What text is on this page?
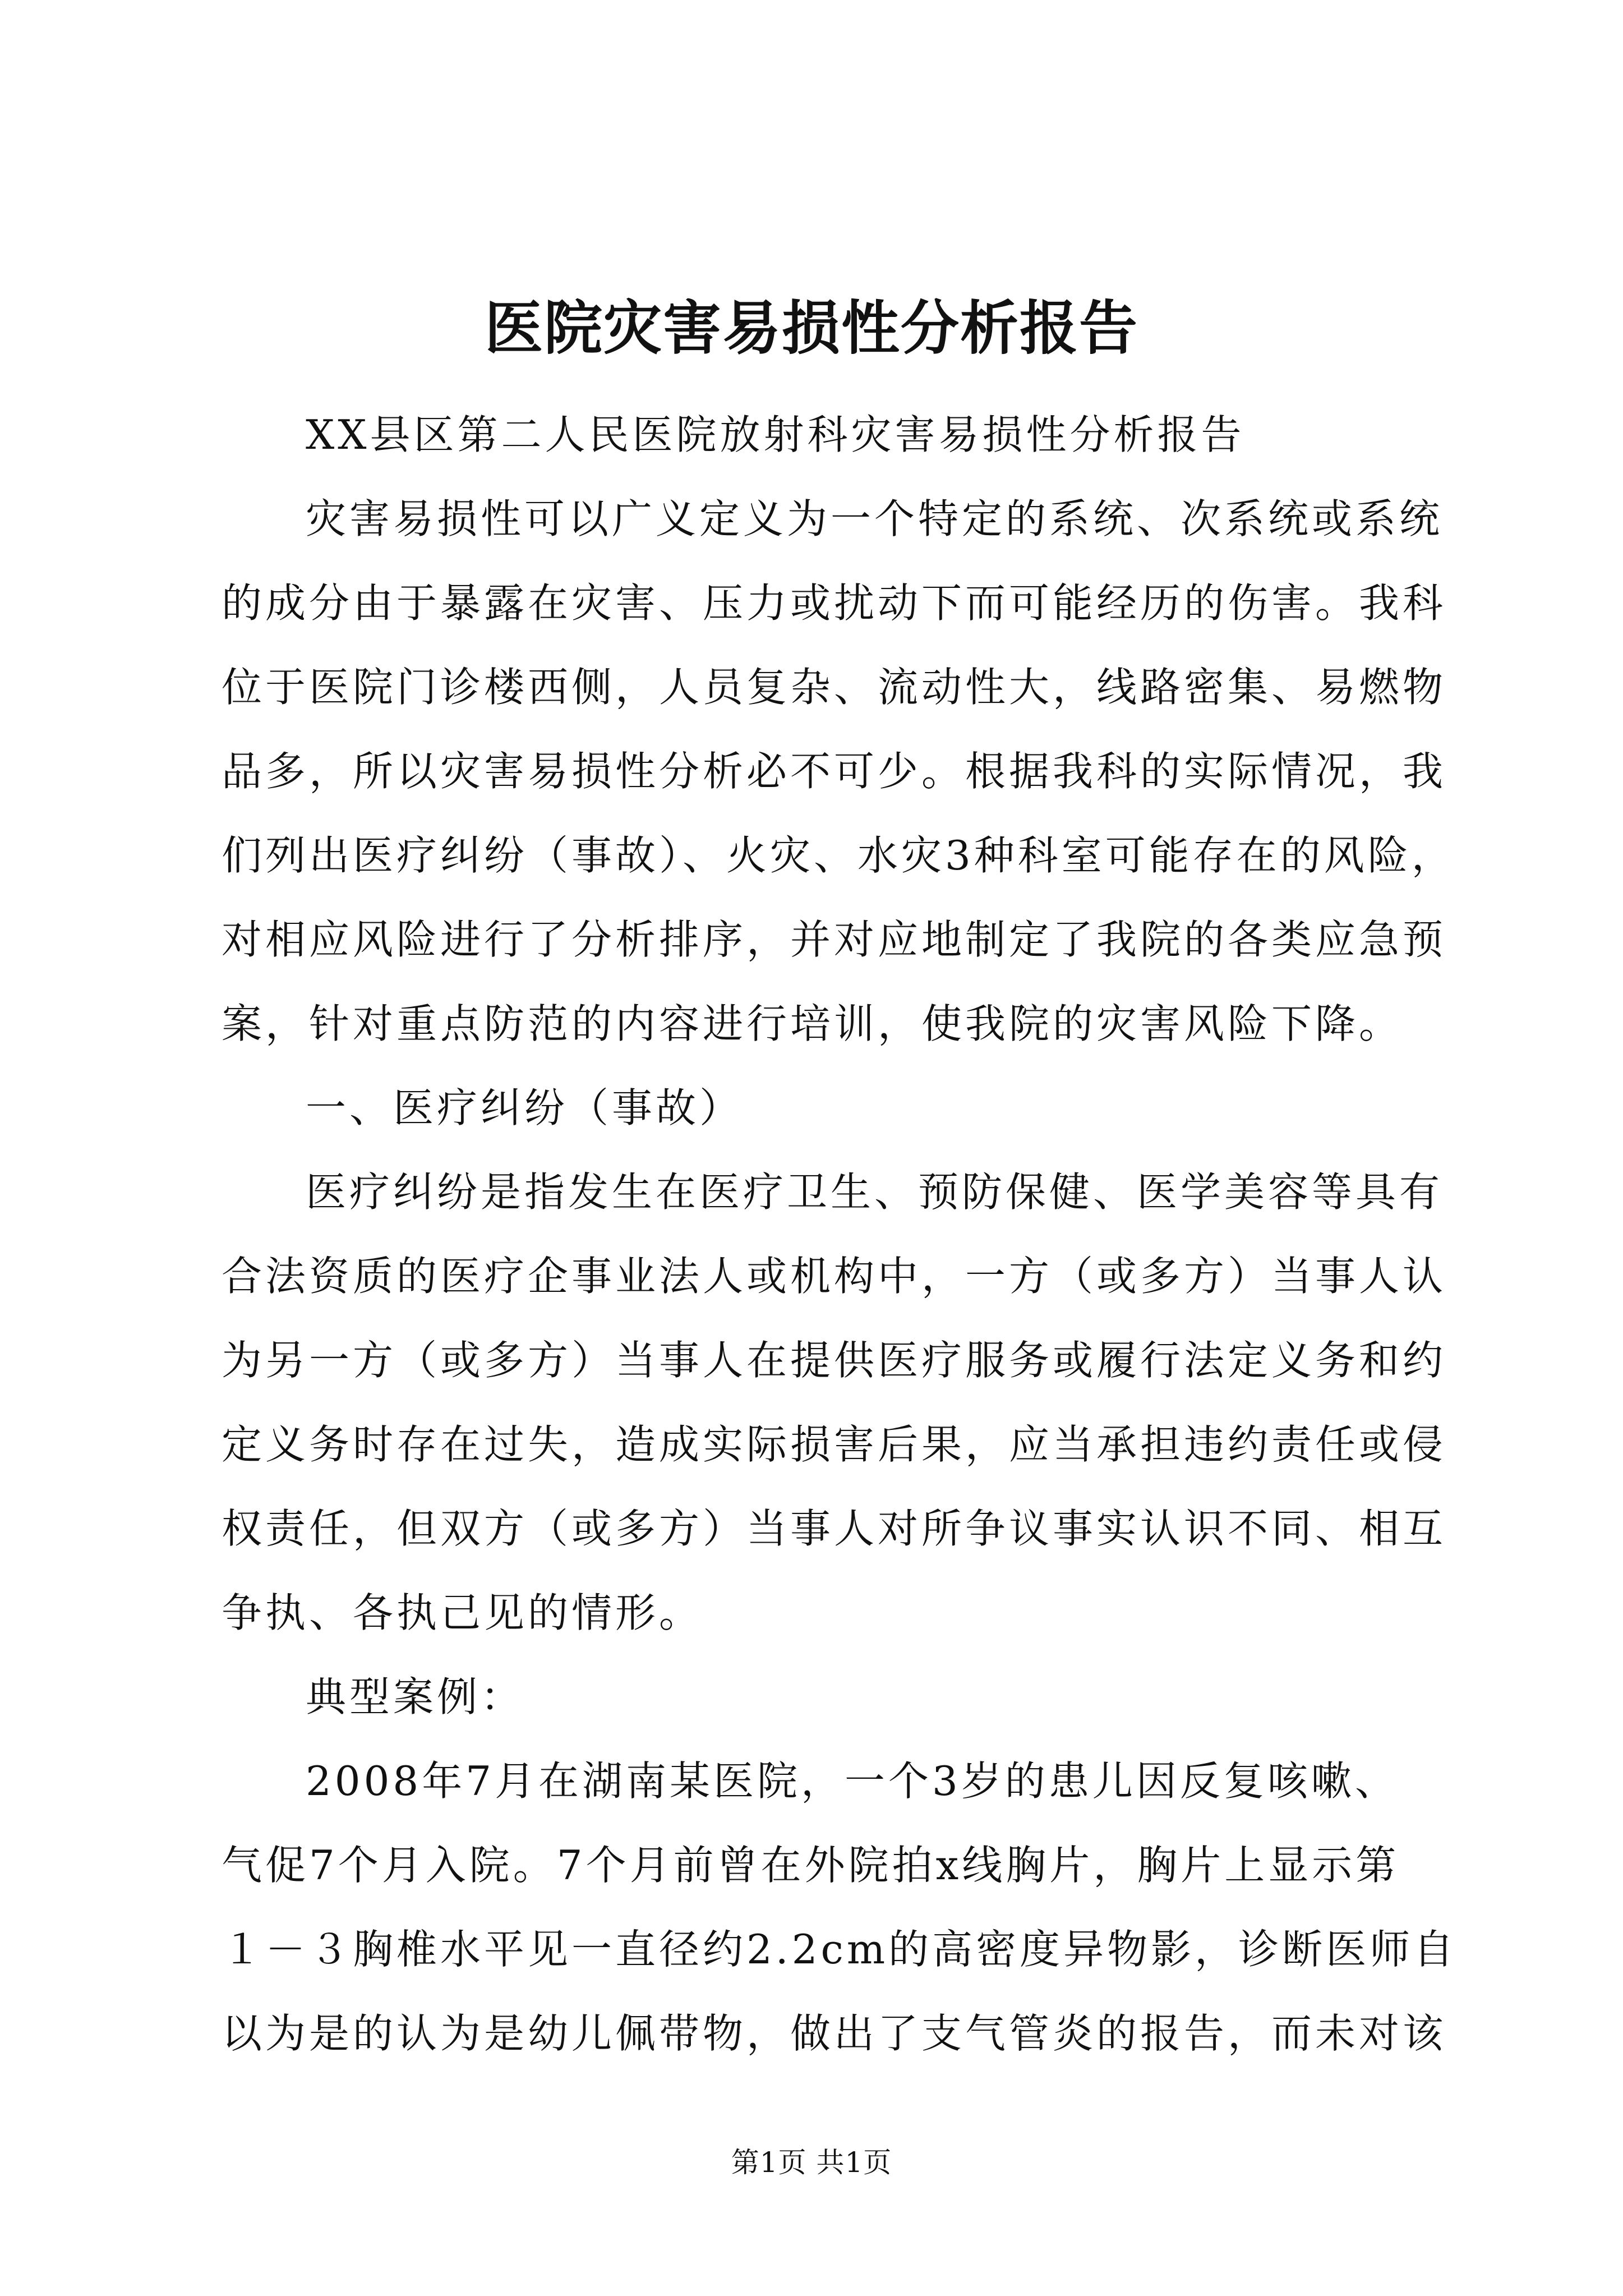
医院灾害易损性分析报告
XX县区第二人民医院放射科灾害易损性分析报告
灾害易损性可以广义定义为一个特定的系统、次系统或系统
的成分由于暴露在灾害、压力或扰动下而可能经历的伤害。我科
位于医院门诊楼西侧，人员复杂、流动性大，线路密集、易燃物
品多，所以灾害易损性分析必不可少。根据我科的实际情况，我
们列出医疗纠纷（事故）、火灾、水灾3种科室可能存在的风险，
对相应风险进行了分析排序，并对应地制定了我院的各类应急预
案，针对重点防范的内容进行培训，使我院的灾害风险下降。
一、医疗纠纷（事故）
医疗纠纷是指发生在医疗卫生、预防保健、医学美容等具有
合法资质的医疗企事业法人或机构中，一方（或多方）当事人认
为另一方（或多方）当事人在提供医疗服务或履行法定义务和约
定义务时存在过失，造成实际损害后果，应当承担违约责任或侵
权责任，但双方（或多方）当事人对所争议事实认识不同、相互
争执、各执己见的情形。
典型案例：
2008年7月在湖南某医院，一个3岁的患儿因反复咳嗽、
气促7个月入院。7个月前曾在外院拍x线胸片，胸片上显示第
１－３胸椎水平见一直径约2.2cm的高密度异物影，诊断医师自
以为是的认为是幼儿佩带物，做出了支气管炎的报告，而未对该
第1页 共1页
